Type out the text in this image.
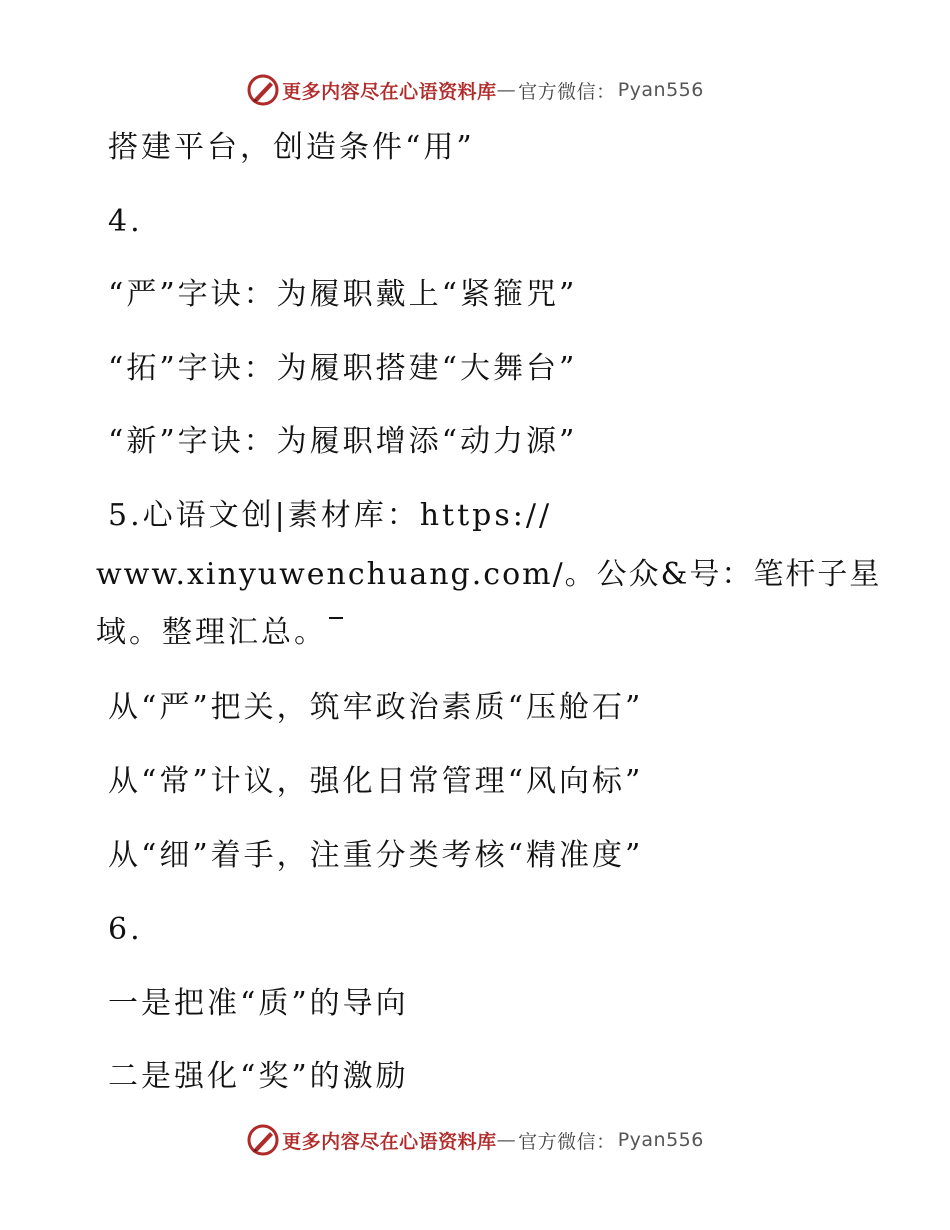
更多内容尽在心语资料库 — 官方微信： Pyan556

搭建平台，创造条件“用”

4.

“严”字诀：为履职戴上“紧箍咒”

“拓”字诀：为履职搭建“大舞台”

“新”字诀：为履职增添“动力源”

5.心语文创|素材库：https://

www.xinyuwenchuang.com/。公众&号：笔杆子星

域。整理汇总。

从“严”把关，筑牢政治素质“压舱石”

从“常”计议，强化日常管理“风向标”

从“细”着手，注重分类考核“精准度”

6.

一是把准“质”的导向

二是强化“奖”的激励

更多内容尽在心语资料库 — 官方微信： Pyan556
